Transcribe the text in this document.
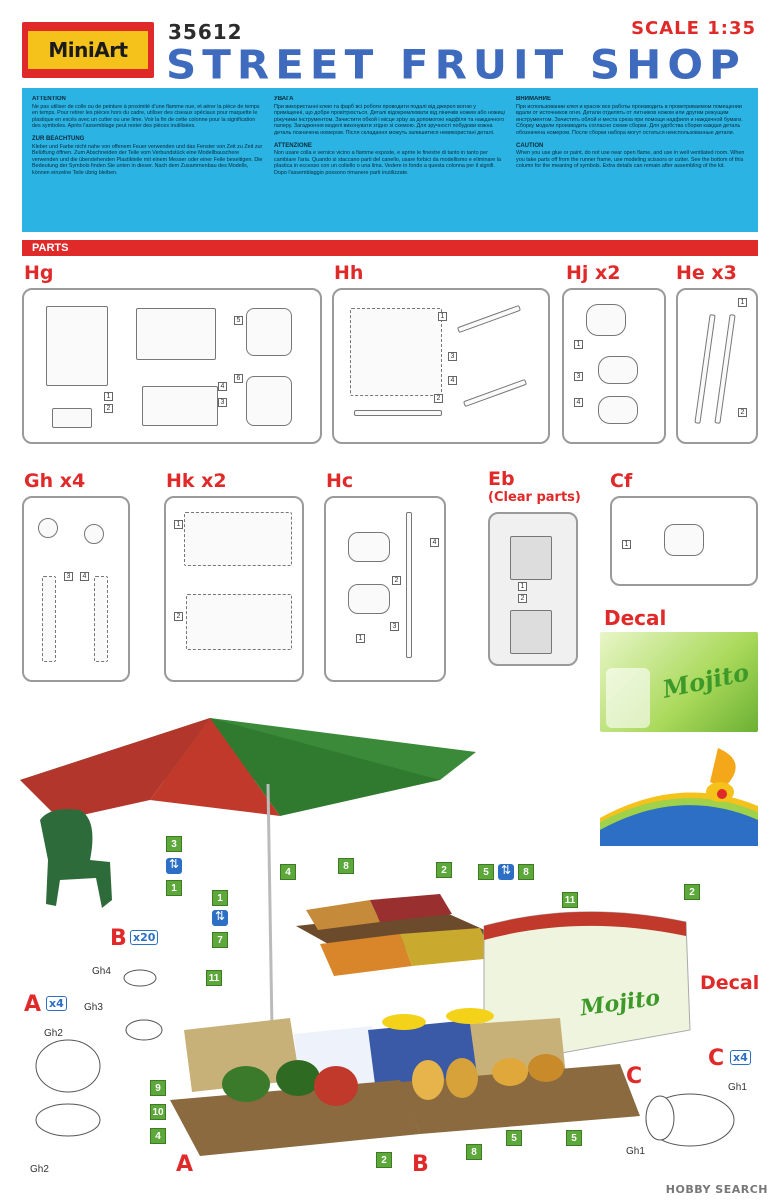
MiniArt
35612	SCALE 1:35
STREET FRUIT SHOP
ATTENTION

Ne pas utiliser de colle ou de peinture à proximité d'une flamme nue, et aérer la pièce de temps en temps. Pour retirer les pièces hors du cadre, utiliser des ciseaux spéciaux pour maquette le plastique en excès avec un cutter ou une lime. Voir la fin de cette colonne pour la signification des symboles. Après l'assemblage peut rester des pièces inutilisées.

ZUR BEACHTUNG

Kleber und Farbe nicht nahe von offenem Feuer verwenden und das Fenster von Zeit zu Zeit zur Belüftung öffnen. Zum Abschneiden der Teile vom Verbundstück eine Modellbauschere verwenden und die überstehenden Plastikteile mit einem Messer oder einer Feile beseitigen. Die Bedeutung der Symbols finden Sie unten in dieser. Nach dem Zusammenbau des Modells, können einzelne Teile übrig bleiben.

УВАГА

При використанні клею та фарб всі роботи проводити подалі від джерел вогню у приміщенні, що добре провітрюється. Деталі відокремлювати від ліничків ножем або ножиці ріжучими інструментом. Зачистити обкой і місце зрізу за допомогою надфіля та наждачного паперу. Загадження моделі виконувати згідно зі схемою. Для зручності побудови кожна деталь позначена номером. Після складання можуть залишитися невикористані деталі.

ATTENZIONE

Non usare colla e vernice vicino a fiamme esposte, e aprire le finestre di tanto in tanto per cambiare l'aria. Quando si staccano parti del canello, usare forbici da modellismo e eliminare la plastica in eccesso con un coltello o una lima. Vedere in fondo a questa colonna per il signifi. Dopo l'assemblaggio possono rimanere parti inutilizzate.

ВНИМАНИЕ

При использовании клея и красок все работы производить в проветриваемом помещении вдали от источников огня. Детали отделять от литников ножом или другим режущим инструментом. Зачистить облой и места среза при помощи надфиля и наждачной бумаги. Сборку модели производить согласно схеме сборки. Для удобства сборки каждая деталь обозначена номером. После сборки набора могут остаться неиспользованные детали.

CAUTION

When you use glue or paint, do not use near open flame, and use in well ventilated room. When you take parts off from the runner frame, use modeling scissors or cutter. See the bottom of this column for the meaning of symbols. Extra details can remain after assembling of the kit.

PARTS
Hg	Hh	Hj x2	He x3
1
2
5
4
6
3
1
3
4
2
1
3
4
1
2
Gh x4	Hk x2	Hc	Eb
(Clear parts)
Cf
3	4
1
2
4
2
1
3
1
2
1
Decal
Mojito
3
⇅
1
1
⇅
7
4
8	2	5
⇅	8
11
2
11
9
10
4
2
8
5	5
B x20
A x4
C x4
A	B
C
Gh4
Gh3
Gh2
Gh2
Gh1
Gh1
Decal
Mojito
HOBBY SEARCH
